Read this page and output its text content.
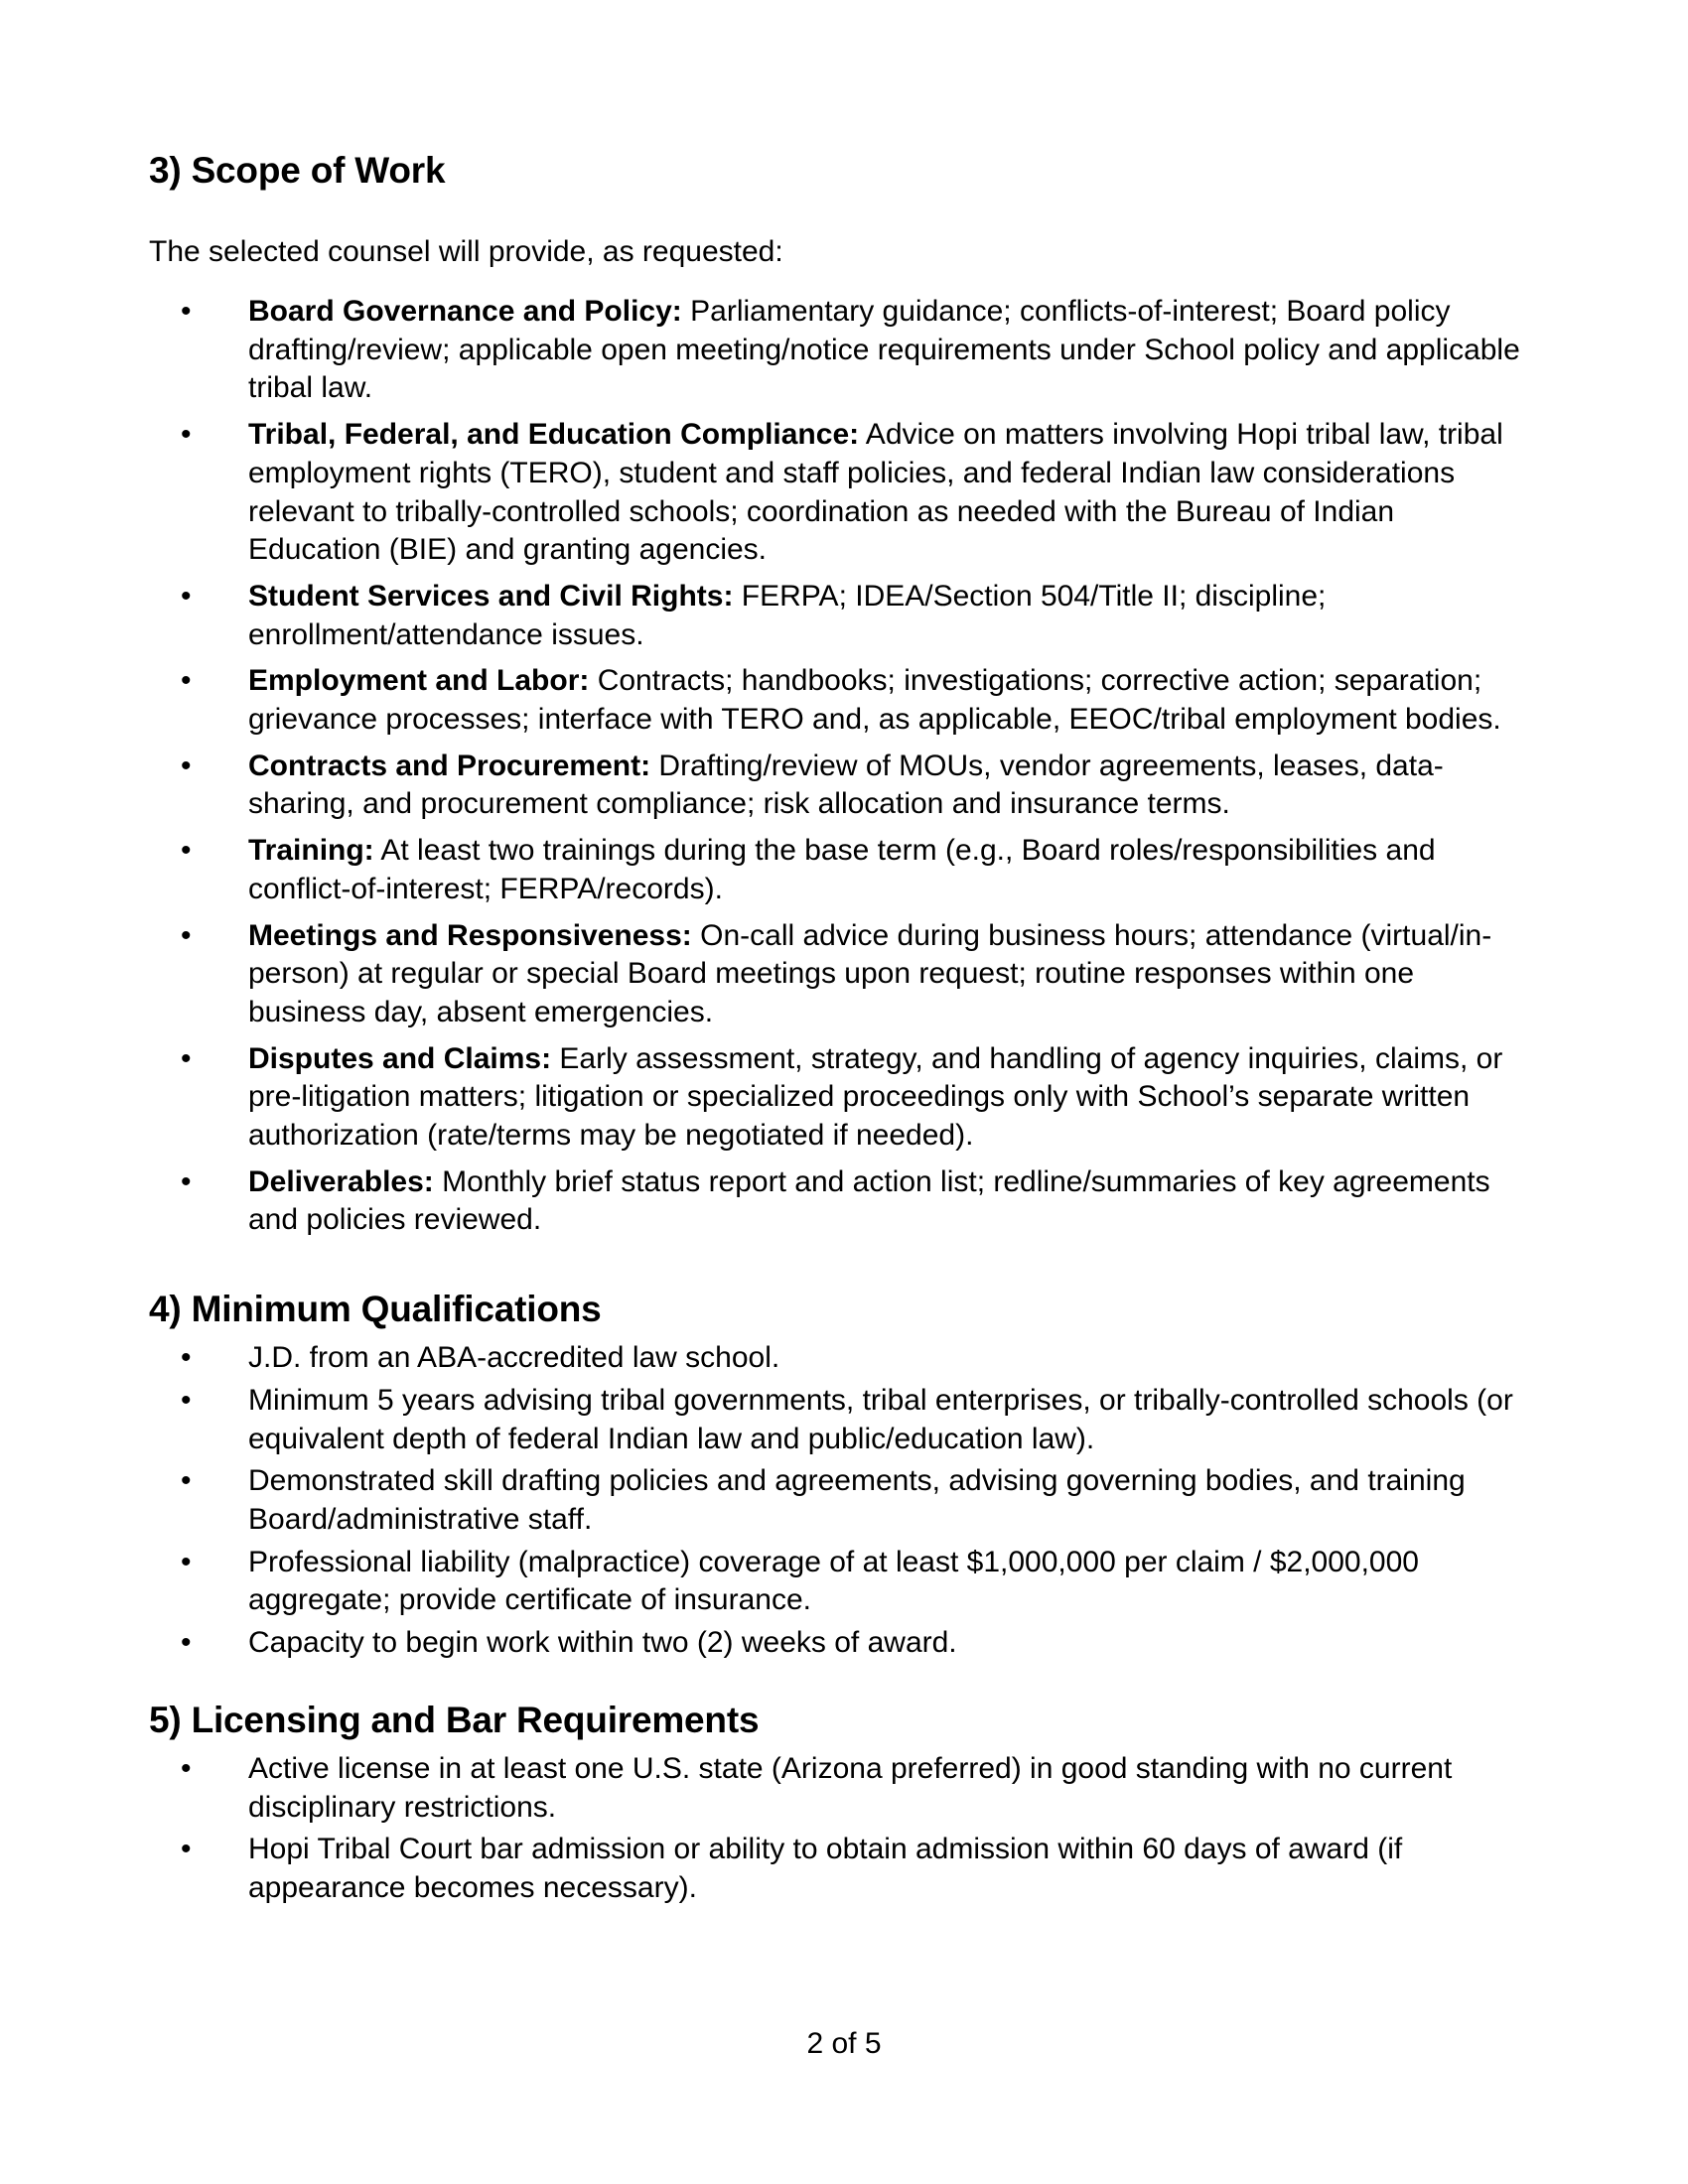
3) Scope of Work

The selected counsel will provide, as requested:

• Board Governance and Policy: Parliamentary guidance; conflicts-of-interest; Board policy drafting/review; applicable open meeting/notice requirements under School policy and applicable tribal law.
• Tribal, Federal, and Education Compliance: Advice on matters involving Hopi tribal law, tribal employment rights (TERO), student and staff policies, and federal Indian law considerations relevant to tribally-controlled schools; coordination as needed with the Bureau of Indian Education (BIE) and granting agencies.
• Student Services and Civil Rights: FERPA; IDEA/Section 504/Title II; discipline; enrollment/attendance issues.
• Employment and Labor: Contracts; handbooks; investigations; corrective action; separation; grievance processes; interface with TERO and, as applicable, EEOC/tribal employment bodies.
• Contracts and Procurement: Drafting/review of MOUs, vendor agreements, leases, data-sharing, and procurement compliance; risk allocation and insurance terms.
• Training: At least two trainings during the base term (e.g., Board roles/responsibilities and conflict-of-interest; FERPA/records).
• Meetings and Responsiveness: On-call advice during business hours; attendance (virtual/in-person) at regular or special Board meetings upon request; routine responses within one business day, absent emergencies.
• Disputes and Claims: Early assessment, strategy, and handling of agency inquiries, claims, or pre-litigation matters; litigation or specialized proceedings only with School’s separate written authorization (rate/terms may be negotiated if needed).
• Deliverables: Monthly brief status report and action list; redline/summaries of key agreements and policies reviewed.
4) Minimum Qualifications
• J.D. from an ABA-accredited law school.
• Minimum 5 years advising tribal governments, tribal enterprises, or tribally-controlled schools (or equivalent depth of federal Indian law and public/education law).
• Demonstrated skill drafting policies and agreements, advising governing bodies, and training Board/administrative staff.
• Professional liability (malpractice) coverage of at least $1,000,000 per claim / $2,000,000 aggregate; provide certificate of insurance.
• Capacity to begin work within two (2) weeks of award.
5) Licensing and Bar Requirements
• Active license in at least one U.S. state (Arizona preferred) in good standing with no current disciplinary restrictions.
• Hopi Tribal Court bar admission or ability to obtain admission within 60 days of award (if appearance becomes necessary).
2 of 5
